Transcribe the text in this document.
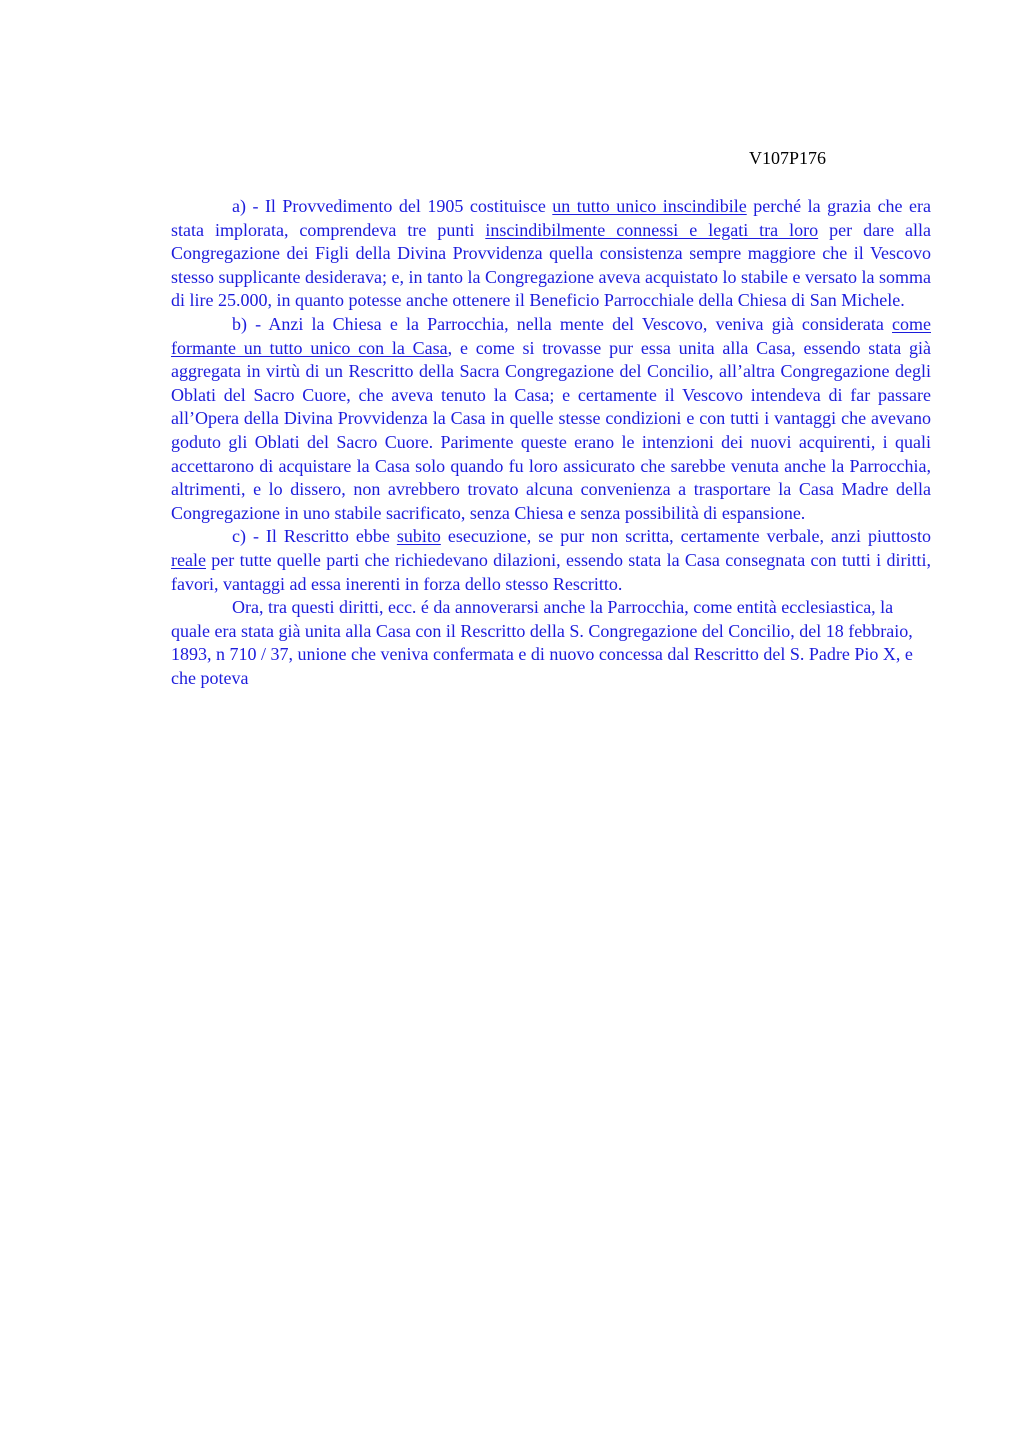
V107P176

a) - Il Provvedimento del 1905 costituisce un tutto unico inscindibile perché la grazia che era stata implorata, comprendeva tre punti inscindibilmente connessi e legati tra loro per dare alla Congregazione dei Figli della Divina Provvidenza quella consistenza sempre maggiore che il Vescovo stesso supplicante desiderava; e, in tanto la Congregazione aveva acquistato lo stabile e versato la somma di lire 25.000, in quanto potesse anche ottenere il Beneficio Parrocchiale della Chiesa di San Michele.

b) - Anzi la Chiesa e la Parrocchia, nella mente del Vescovo, veniva già considerata come formante un tutto unico con la Casa, e come si trovasse pur essa unita alla Casa, essendo stata già aggregata in virtù di un Rescritto della Sacra Congregazione del Concilio, all’altra Congregazione degli Oblati del Sacro Cuore, che aveva tenuto la Casa; e certamente il Vescovo intendeva di far passare all’Opera della Divina Provvidenza la Casa in quelle stesse condizioni e con tutti i vantaggi che avevano goduto gli Oblati del Sacro Cuore. Parimente queste erano le intenzioni dei nuovi acquirenti, i quali accettarono di acquistare la Casa solo quando fu loro assicurato che sarebbe venuta anche la Parrocchia, altrimenti, e lo dissero, non avrebbero trovato alcuna convenienza a trasportare la Casa Madre della Congregazione in uno stabile sacrificato, senza Chiesa e senza possibilità di espansione.

c) - Il Rescritto ebbe subito esecuzione, se pur non scritta, certamente verbale, anzi piuttosto reale per tutte quelle parti che richiedevano dilazioni, essendo stata la Casa consegnata con tutti i diritti, favori, vantaggi ad essa inerenti in forza dello stesso Rescritto.

Ora, tra questi diritti, ecc. é da annoverarsi anche la Parrocchia, come entità ecclesiastica, la quale era stata già unita alla Casa con il Rescritto della S. Congregazione del Concilio, del 18 febbraio, 1893, n 710 / 37, unione che veniva confermata e di nuovo concessa dal Rescritto del S. Padre Pio X, e che poteva
